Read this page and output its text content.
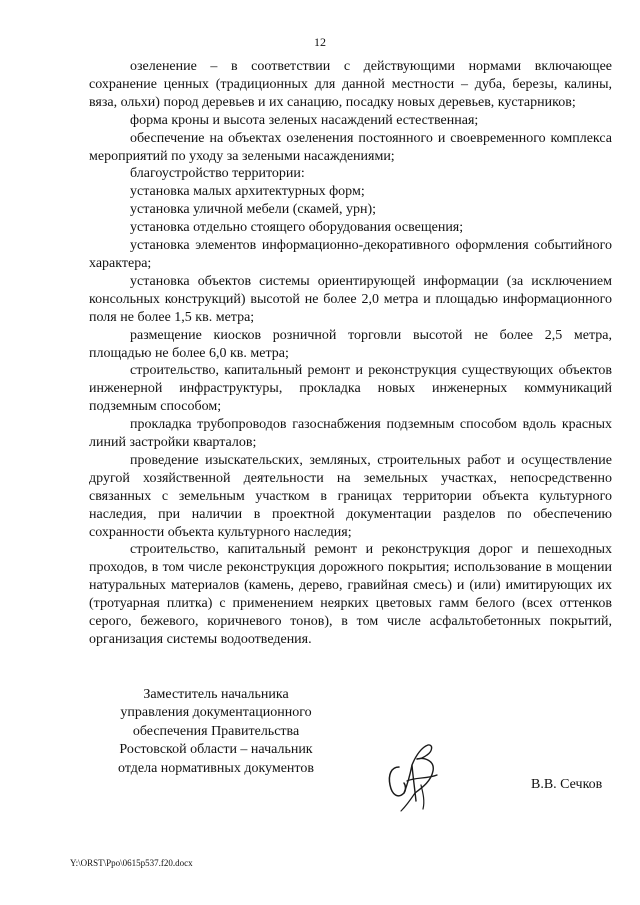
12

озеленение – в соответствии с действующими нормами включающее сохранение ценных (традиционных для данной местности – дуба, березы, калины, вяза, ольхи) пород деревьев и их санацию, посадку новых деревьев, кустарников;

форма кроны и высота зеленых насаждений естественная;

обеспечение на объектах озеленения постоянного и своевременного комплекса мероприятий по уходу за зелеными насаждениями;

благоустройство территории:

установка малых архитектурных форм;

установка уличной мебели (скамей, урн);

установка отдельно стоящего оборудования освещения;

установка элементов информационно-декоративного оформления событийного характера;

установка объектов системы ориентирующей информации (за исключением консольных конструкций) высотой не более 2,0 метра и площадью информационного поля не более 1,5 кв. метра;

размещение киосков розничной торговли высотой не более 2,5 метра, площадью не более 6,0 кв. метра;

строительство, капитальный ремонт и реконструкция существующих объектов инженерной инфраструктуры, прокладка новых инженерных коммуникаций подземным способом;

прокладка трубопроводов газоснабжения подземным способом вдоль красных линий застройки кварталов;

проведение изыскательских, земляных, строительных работ и осуществление другой хозяйственной деятельности на земельных участках, непосредственно связанных с земельным участком в границах территории объекта культурного наследия, при наличии в проектной документации разделов по обеспечению сохранности объекта культурного наследия;

строительство, капитальный ремонт и реконструкция дорог и пешеходных проходов, в том числе реконструкция дорожного покрытия; использование в мощении натуральных материалов (камень, дерево, гравийная смесь) и (или) имитирующих их (тротуарная плитка) с применением неярких цветовых гамм белого (всех оттенков серого, бежевого, коричневого тонов), в том числе асфальтобетонных покрытий, организация системы водоотведения.

Заместитель начальника
управления документационного
обеспечения Правительства
Ростовской области – начальник
отдела нормативных документов
В.В. Сечков
Y:\ORST\Ppo\0615p537.f20.docx
